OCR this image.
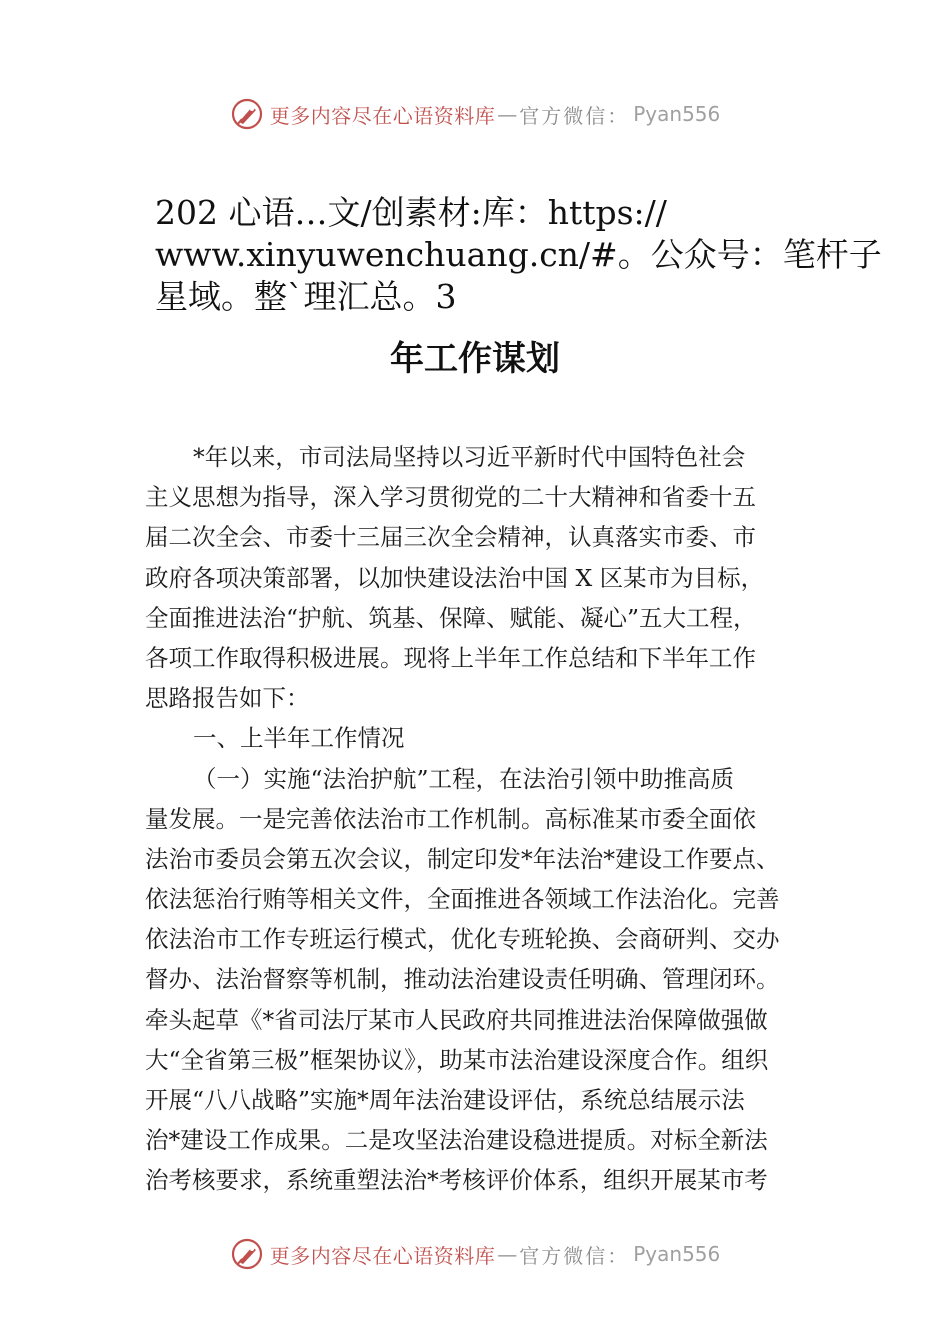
更多内容尽在心语资料库 — 官方微信： Pyan556
202 心语…文/创素材:库：https://
www.xinyuwenchuang.cn/#。公众号：笔杆子
星域。整`理汇总。3
年工作谋划
*年以来，市司法局坚持以习近平新时代中国特色社会
主义思想为指导，深入学习贯彻党的二十大精神和省委十五
届二次全会、市委十三届三次全会精神，认真落实市委、市
政府各项决策部署，以加快建设法治中国 X 区某市为目标，
全面推进法治“护航、筑基、保障、赋能、凝心”五大工程，
各项工作取得积极进展。现将上半年工作总结和下半年工作
思路报告如下：
一、上半年工作情况
（一）实施“法治护航”工程，在法治引领中助推高质
量发展。一是完善依法治市工作机制。高标准某市委全面依
法治市委员会第五次会议，制定印发*年法治*建设工作要点、
依法惩治行贿等相关文件，全面推进各领域工作法治化。完善
依法治市工作专班运行模式，优化专班轮换、会商研判、交办
督办、法治督察等机制，推动法治建设责任明确、管理闭环。
牵头起草《*省司法厅某市人民政府共同推进法治保障做强做
大“全省第三极”框架协议》，助某市法治建设深度合作。组织
开展“八八战略”实施*周年法治建设评估，系统总结展示法
治*建设工作成果。二是攻坚法治建设稳进提质。对标全新法
治考核要求，系统重塑法治*考核评价体系，组织开展某市考
更多内容尽在心语资料库 — 官方微信： Pyan556
